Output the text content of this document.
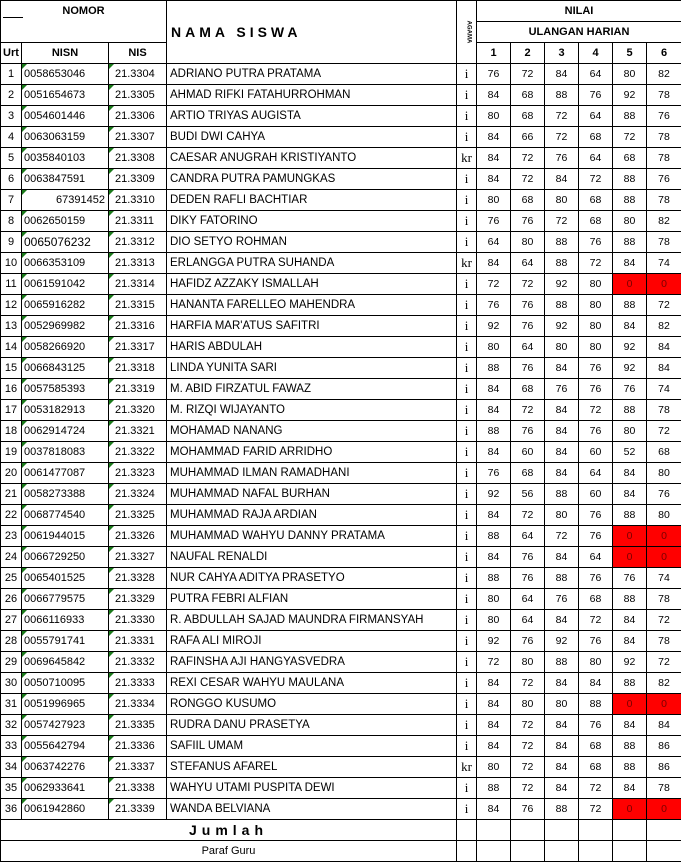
NOMOR			NAMA SISWA	AGAMA	NILAI					
					ULANGAN HARIAN					
Urt	NISN	NIS			1	2	3	4	5	6
1	0058653046	21.3304	ADRIANO PUTRA PRATAMA	i	76	72	84	64	80	82
2	0051654673	21.3305	AHMAD RIFKI FATAHURROHMAN	i	84	68	88	76	92	78
3	0054601446	21.3306	ARTIO TRIYAS AUGISTA	i	80	68	72	64	88	76
4	0063063159	21.3307	BUDI DWI CAHYA	i	84	66	72	68	72	78
5	0035840103	21.3308	CAESAR ANUGRAH KRISTIYANTO	kr	84	72	76	64	68	78
6	0063847591	21.3309	CANDRA PUTRA PAMUNGKAS	i	84	72	84	72	88	76
7	67391452	21.3310	DEDEN RAFLI BACHTIAR	i	80	68	80	68	88	78
8	0062650159	21.3311	DIKY FATORINO	i	76	76	72	68	80	82
9	0065076232	21.3312	DIO SETYO ROHMAN	i	64	80	88	76	88	78
10	0066353109	21.3313	ERLANGGA PUTRA SUHANDA	kr	84	64	88	72	84	74
11	0061591042	21.3314	HAFIDZ AZZAKY ISMALLAH	i	72	72	92	80	0	0
12	0065916282	21.3315	HANANTA FARELLEO MAHENDRA	i	76	76	88	80	88	72
13	0052969982	21.3316	HARFIA MAR'ATUS SAFITRI	i	92	76	92	80	84	82
14	0058266920	21.3317	HARIS ABDULAH	i	80	64	80	80	92	84
15	0066843125	21.3318	LINDA YUNITA SARI	i	88	76	84	76	92	84
16	0057585393	21.3319	M. ABID FIRZATUL FAWAZ	i	84	68	76	76	76	74
17	0053182913	21.3320	M. RIZQI WIJAYANTO	i	84	72	84	72	88	78
18	0062914724	21.3321	MOHAMAD NANANG	i	88	76	84	76	80	72
19	0037818083	21.3322	MOHAMMAD FARID ARRIDHO	i	84	60	84	60	52	68
20	0061477087	21.3323	MUHAMMAD ILMAN RAMADHANI	i	76	68	84	64	84	80
21	0058273388	21.3324	MUHAMMAD NAFAL BURHAN	i	92	56	88	60	84	76
22	0068774540	21.3325	MUHAMMAD RAJA ARDIAN	i	84	72	80	76	88	80
23	0061944015	21.3326	MUHAMMAD WAHYU DANNY PRATAMA	i	88	64	72	76	0	0
24	0066729250	21.3327	NAUFAL RENALDI	i	84	76	84	64	0	0
25	0065401525	21.3328	NUR CAHYA ADITYA PRASETYO	i	88	76	88	76	76	74
26	0066779575	21.3329	PUTRA FEBRI ALFIAN	i	80	64	76	68	88	78
27	0066116933	21.3330	R. ABDULLAH SAJAD MAUNDRA FIRMANSYAH	i	80	64	84	72	84	72
28	0055791741	21.3331	RAFA ALI MIROJI	i	92	76	92	76	84	78
29	0069645842	21.3332	RAFINSHA AJI HANGYASVEDRA	i	72	80	88	80	92	72
30	0050710095	21.3333	REXI CESAR WAHYU MAULANA	i	84	72	84	84	88	82
31	0051996965	21.3334	RONGGO KUSUMO	i	84	80	80	88	0	0
32	0057427923	21.3335	RUDRA DANU PRASETYA	i	84	72	84	76	84	84
33	0055642794	21.3336	SAFIIL UMAM	i	84	72	84	68	88	86
34	0063742276	21.3337	STEFANUS AFAREL	kr	80	72	84	68	88	86
35	0062933641	21.3338	WAHYU UTAMI PUSPITA DEWI	i	88	72	84	72	84	78
36	0061942860	21.3339	WANDA BELVIANA	i	84	76	88	72	0	0
Jumlah										
Paraf Guru										
